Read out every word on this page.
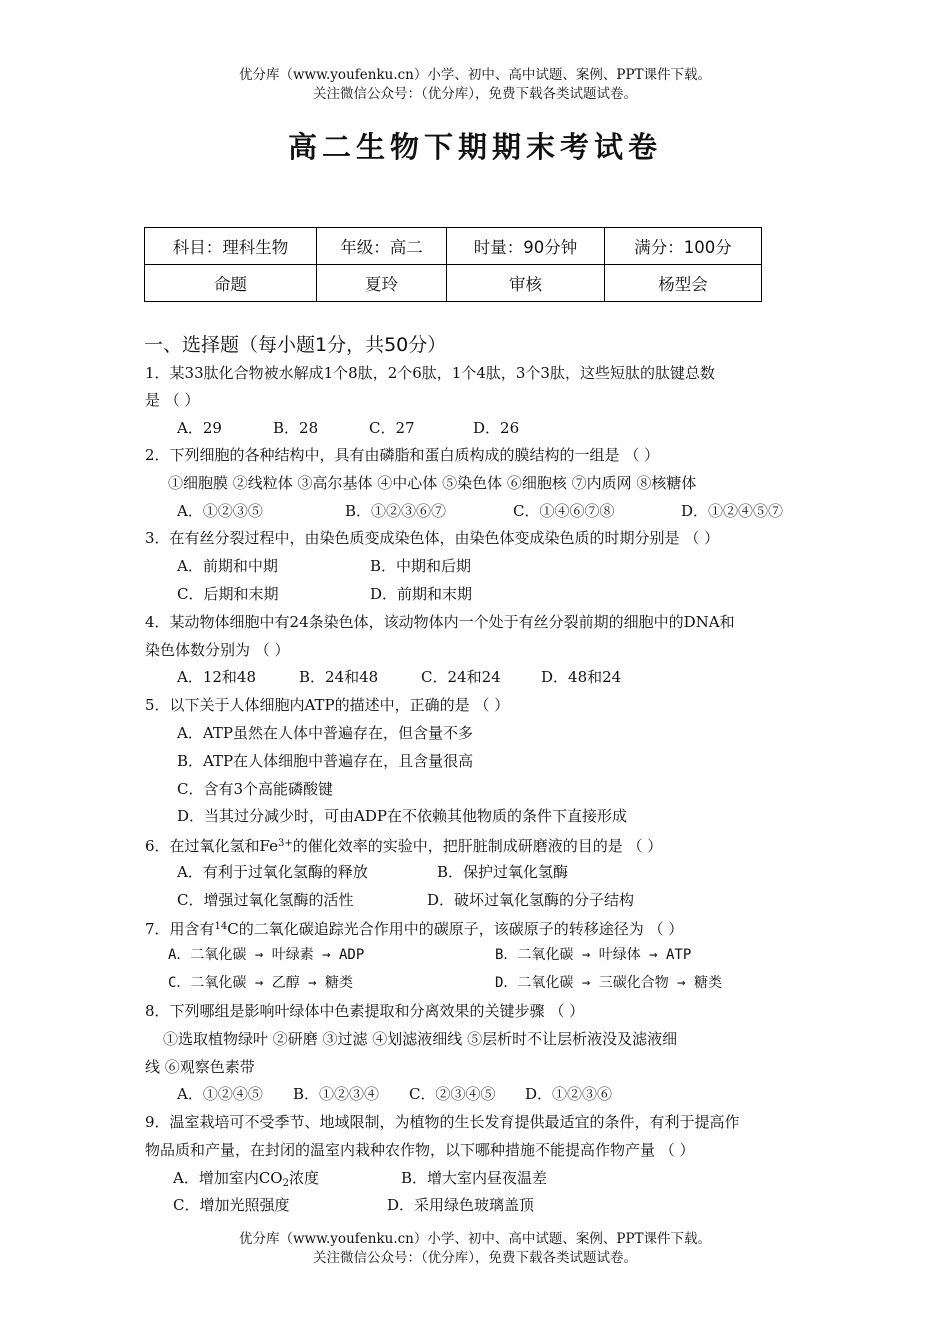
优分库（www.youfenku.cn）小学、初中、高中试题、案例、PPT课件下载。
关注微信公众号：（优分库），免费下载各类试题试卷。
高二生物下期期末考试卷
科目：理科生物	年级：高二	时量：90分钟	满分：100分
命题	夏玲	审核	杨型会
一、选择题（每小题1分，共50分）
1．某33肽化合物被水解成1个8肽，2个6肽，1个4肽，3个3肽，这些短肽的肽键总数
是 （ ）
A．29	B．28	C．27	D．26
2．下列细胞的各种结构中，具有由磷脂和蛋白质构成的膜结构的一组是 （ ）
①细胞膜 ②线粒体 ③高尔基体 ④中心体 ⑤染色体 ⑥细胞核 ⑦内质网 ⑧核糖体
A．①②③⑤	B．①②③⑥⑦	C．①④⑥⑦⑧	D．①②④⑤⑦
3．在有丝分裂过程中，由染色质变成染色体，由染色体变成染色质的时期分别是 （ ）
A．前期和中期	B．中期和后期
C．后期和末期	D．前期和末期
4．某动物体细胞中有24条染色体，该动物体内一个处于有丝分裂前期的细胞中的DNA和
染色体数分别为 （ ）
A．12和48	B．24和48	C．24和24	D．48和24
5．以下关于人体细胞内ATP的描述中，正确的是 （ ）
A．ATP虽然在人体中普遍存在，但含量不多
B．ATP在人体细胞中普遍存在，且含量很高
C．含有3个高能磷酸键
D．当其过分减少时，可由ADP在不依赖其他物质的条件下直接形成
6．在过氧化氢和$Fe^{3+}$的催化效率的实验中，把肝脏制成研磨液的目的是 （ ）
A．有利于过氧化氢酶的释放	B．保护过氧化氢酶
C．增强过氧化氢酶的活性	D．破坏过氧化氢酶的分子结构
7．用含有$^{14}$C的二氧化碳追踪光合作用中的碳原子，该碳原子的转移途径为 （ ）
A．二氧化碳 → 叶绿素 → ADP	B．二氧化碳 → 叶绿体 → ATP
C．二氧化碳 → 乙醇 → 糖类	D．二氧化碳 → 三碳化合物 → 糖类
8．下列哪组是影响叶绿体中色素提取和分离效果的关键步骤 （ ）
①选取植物绿叶 ②研磨 ③过滤 ④划滤液细线 ⑤层析时不让层析液没及滤液细
线 ⑥观察色素带
A．①②④⑤ B．①②③④ C．②③④⑤ D．①②③⑥
9．温室栽培可不受季节、地域限制，为植物的生长发育提供最适宜的条件，有利于提高作
物品质和产量，在封闭的温室内栽种农作物，以下哪种措施不能提高作物产量 （ ）
A．增加室内$CO_2$浓度	B．增大室内昼夜温差
C．增加光照强度	D．采用绿色玻璃盖顶
优分库（www.youfenku.cn）小学、初中、高中试题、案例、PPT课件下载。
关注微信公众号：（优分库），免费下载各类试题试卷。
